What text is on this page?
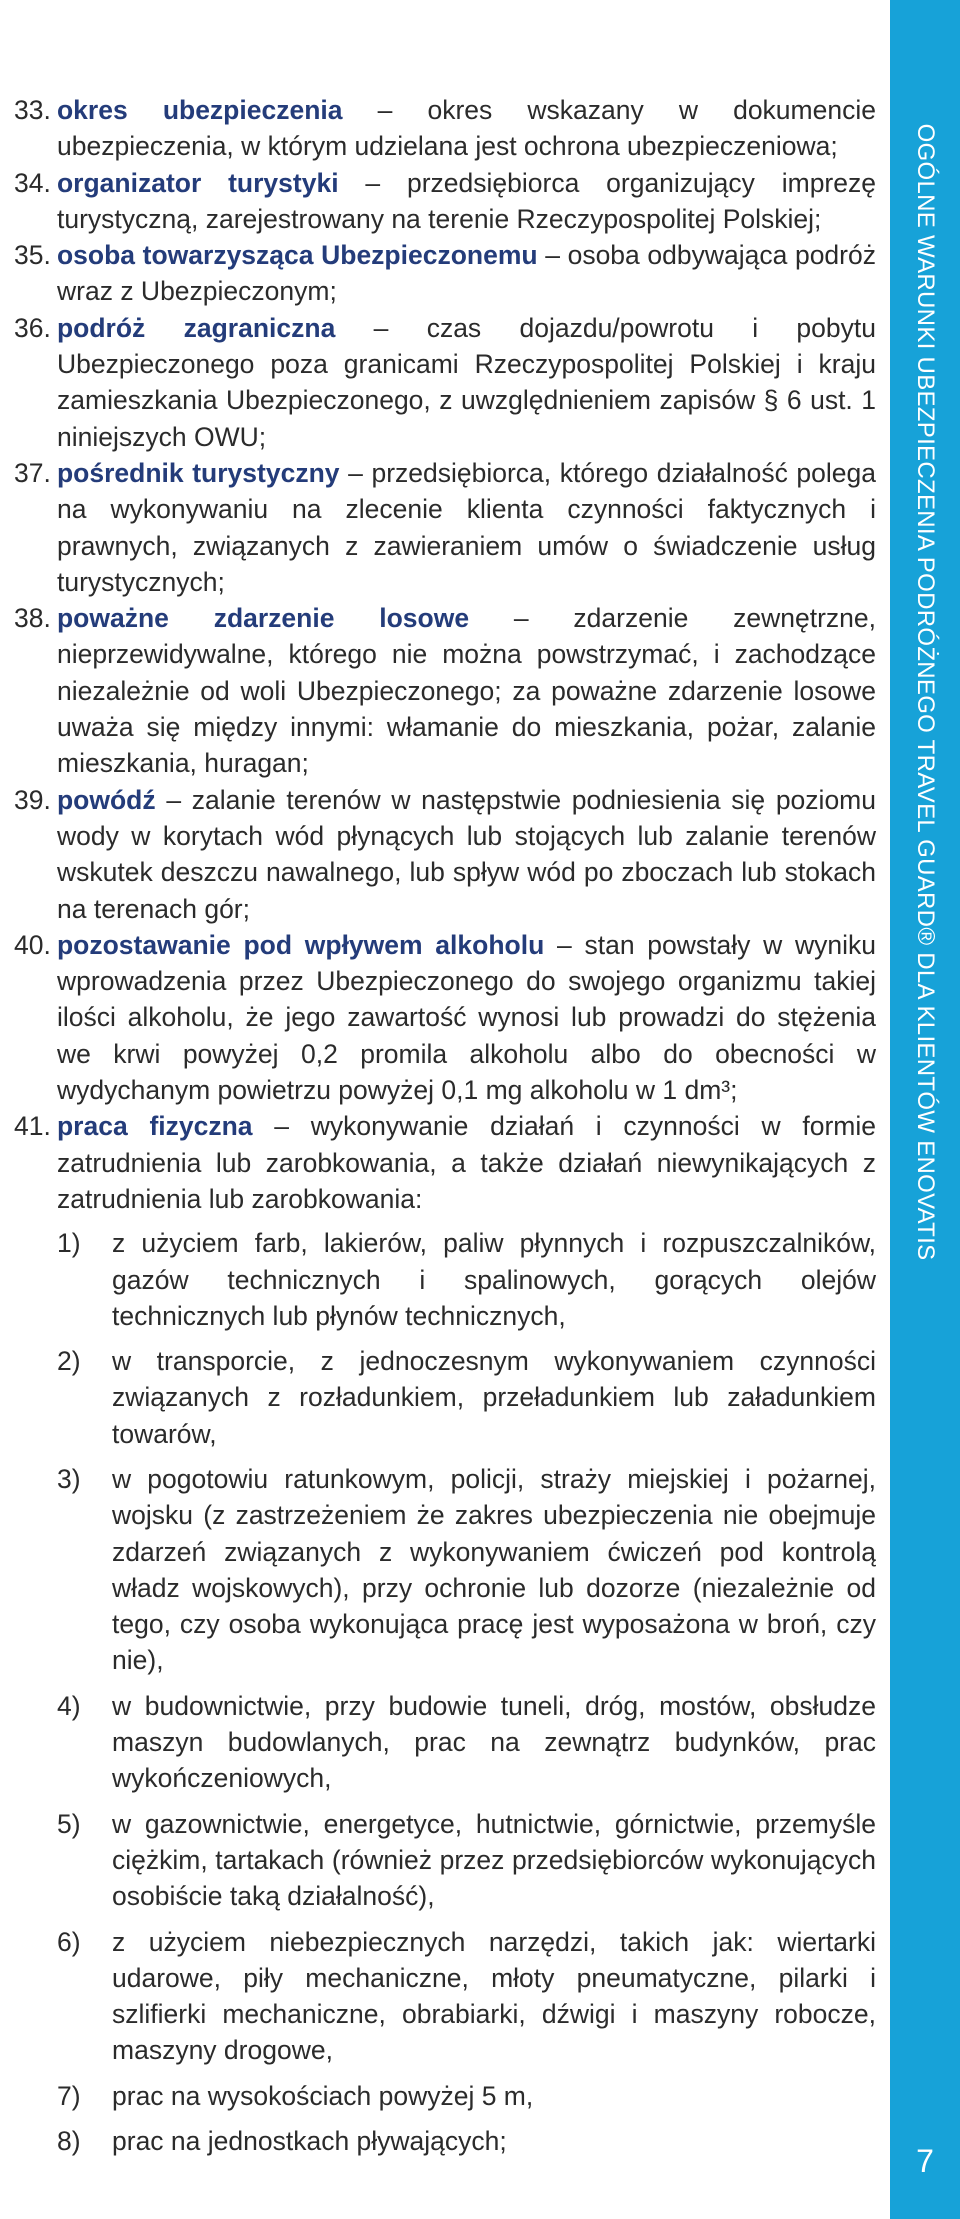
33. okres ubezpieczenia – okres wskazany w dokumencie ubezpieczenia, w którym udzielana jest ochrona ubezpieczeniowa;
34. organizator turystyki – przedsiębiorca organizujący imprezę turystyczną, zarejestrowany na terenie Rzeczypospolitej Polskiej;
35. osoba towarzysząca Ubezpieczonemu – osoba odbywająca podróż wraz z Ubezpieczonym;
36. podróż zagraniczna – czas dojazdu/powrotu i pobytu Ubezpieczonego poza granicami Rzeczypospolitej Polskiej i kraju zamieszkania Ubezpieczonego, z uwzględnieniem zapisów § 6 ust. 1 niniejszych OWU;
37. pośrednik turystyczny – przedsiębiorca, którego działalność polega na wykonywaniu na zlecenie klienta czynności faktycznych i prawnych, związanych z zawieraniem umów o świadczenie usług turystycznych;
38. poważne zdarzenie losowe – zdarzenie zewnętrzne, nieprzewidywalne, którego nie można powstrzymać, i zachodzące niezależnie od woli Ubezpieczonego; za poważne zdarzenie losowe uważa się między innymi: włamanie do mieszkania, pożar, zalanie mieszkania, huragan;
39. powódź – zalanie terenów w następstwie podniesienia się poziomu wody w korytach wód płynących lub stojących lub zalanie terenów wskutek deszczu nawalnego, lub spływ wód po zboczach lub stokach na terenach gór;
40. pozostawanie pod wpływem alkoholu – stan powstały w wyniku wprowadzenia przez Ubezpieczonego do swojego organizmu takiej ilości alkoholu, że jego zawartość wynosi lub prowadzi do stężenia we krwi powyżej 0,2 promila alkoholu albo do obecności w wydychanym powietrzu powyżej 0,1 mg alkoholu w 1 dm³;
41. praca fizyczna – wykonywanie działań i czynności w formie zatrudnienia lub zarobkowania, a także działań niewynikających z zatrudnienia lub zarobkowania:
1)	z użyciem farb, lakierów, paliw płynnych i rozpuszczalników, gazów technicznych i spalinowych, gorących olejów technicznych lub płynów technicznych,
2)	w transporcie, z jednoczesnym wykonywaniem czynności związanych z rozładunkiem, przeładunkiem lub załadunkiem towarów,
3)	w pogotowiu ratunkowym, policji, straży miejskiej i pożarnej, wojsku (z zastrzeżeniem że zakres ubezpieczenia nie obejmuje zdarzeń związanych z wykonywaniem ćwiczeń pod kontrolą władz wojskowych), przy ochronie lub dozorze (niezależnie od tego, czy osoba wykonująca pracę jest wyposażona w broń, czy nie),
4)	w budownictwie, przy budowie tuneli, dróg, mostów, obsłudze maszyn budowlanych, prac na zewnątrz budynków, prac wykończeniowych,
5)	w gazownictwie, energetyce, hutnictwie, górnictwie, przemyśle ciężkim, tartakach (również przez przedsiębiorców wykonujących osobiście taką działalność),
6)	z użyciem niebezpiecznych narzędzi, takich jak: wiertarki udarowe, piły mechaniczne, młoty pneumatyczne, pilarki i szlifierki mechaniczne, obrabiarki, dźwigi i maszyny robocze, maszyny drogowe,
7)	prac na wysokościach powyżej 5 m,
8)	prac na jednostkach pływających;
OGÓLNE WARUNKI UBEZPIECZENIA PODRÓŻNEGO TRAVEL GUARD® DLA KLIENTÓW ENOVATIS
7
